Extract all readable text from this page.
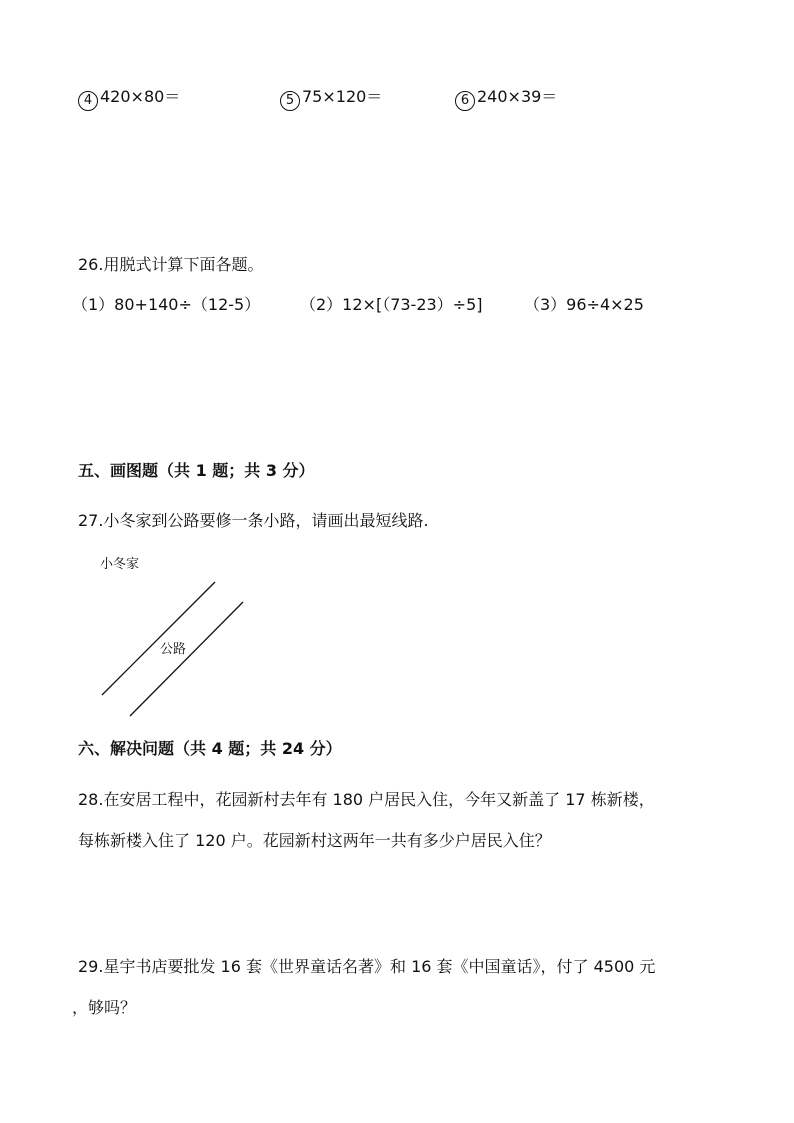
4 420×80＝	5 75×120＝	6 240×39＝
26.用脱式计算下面各题。
（1）80+140÷（12-5） （2）12×[（73-23）÷5]	（3）96÷4×25
五、画图题（共 1 题；共 3 分）
27.小冬家到公路要修一条小路，请画出最短线路.
小冬家
公路
六、解决问题（共 4 题；共 24 分）
28.在安居工程中，花园新村去年有 180 户居民入住，今年又新盖了 17 栋新楼，
每栋新楼入住了 120 户。花园新村这两年一共有多少户居民入住？
29.星宇书店要批发 16 套《世界童话名著》和 16 套《中国童话》，付了 4500 元
，够吗？
